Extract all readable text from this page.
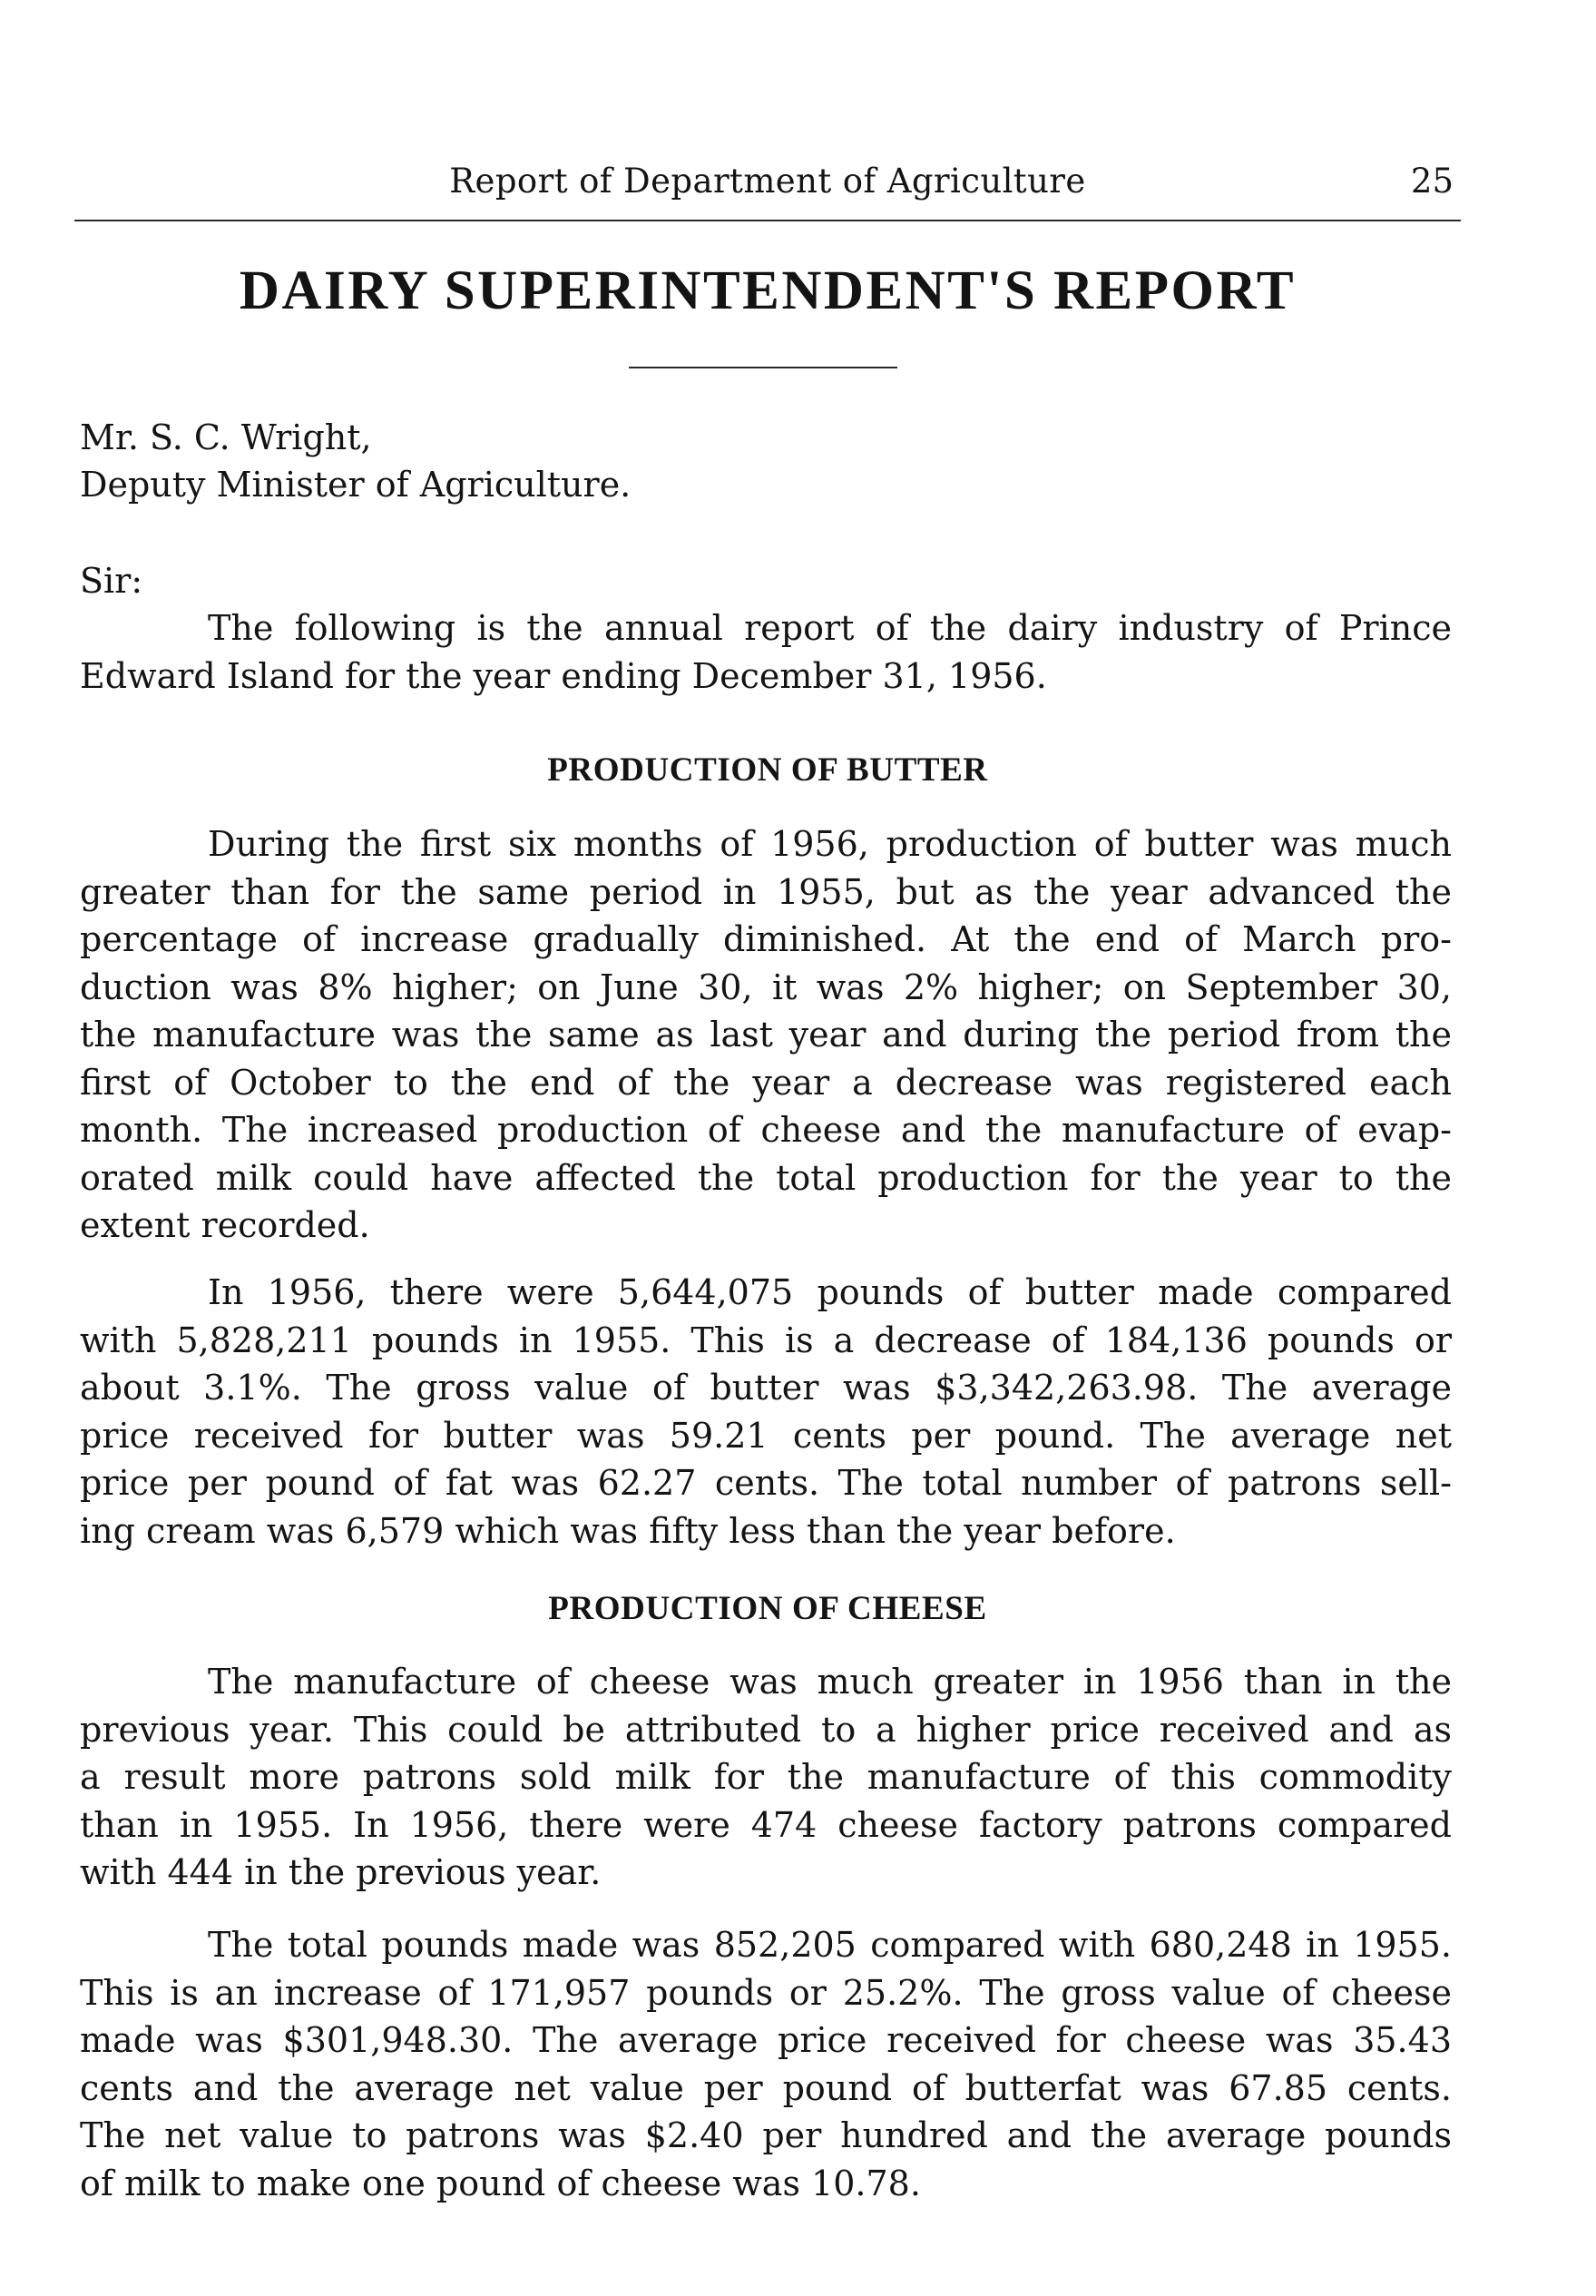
Report of Department of Agriculture	25
DAIRY SUPERINTENDENT'S REPORT
Mr. S. C. Wright,
Deputy Minister of Agriculture.
Sir:
The following is the annual report of the dairy industry of Prince
Edward Island for the year ending December 31, 1956.
PRODUCTION OF BUTTER
During the first six months of 1956, production of butter was much
greater than for the same period in 1955, but as the year advanced the
percentage of increase gradually diminished. At the end of March pro-
duction was 8% higher; on June 30, it was 2% higher; on September 30,
the manufacture was the same as last year and during the period from the
first of October to the end of the year a decrease was registered each
month. The increased production of cheese and the manufacture of evap-
orated milk could have affected the total production for the year to the
extent recorded.
In 1956, there were 5,644,075 pounds of butter made compared
with 5,828,211 pounds in 1955. This is a decrease of 184,136 pounds or
about 3.1%. The gross value of butter was $3,342,263.98. The average
price received for butter was 59.21 cents per pound. The average net
price per pound of fat was 62.27 cents. The total number of patrons sell-
ing cream was 6,579 which was fifty less than the year before.
PRODUCTION OF CHEESE
The manufacture of cheese was much greater in 1956 than in the
previous year. This could be attributed to a higher price received and as
a result more patrons sold milk for the manufacture of this commodity
than in 1955. In 1956, there were 474 cheese factory patrons compared
with 444 in the previous year.
The total pounds made was 852,205 compared with 680,248 in 1955.
This is an increase of 171,957 pounds or 25.2%. The gross value of cheese
made was $301,948.30. The average price received for cheese was 35.43
cents and the average net value per pound of butterfat was 67.85 cents.
The net value to patrons was $2.40 per hundred and the average pounds
of milk to make one pound of cheese was 10.78.
